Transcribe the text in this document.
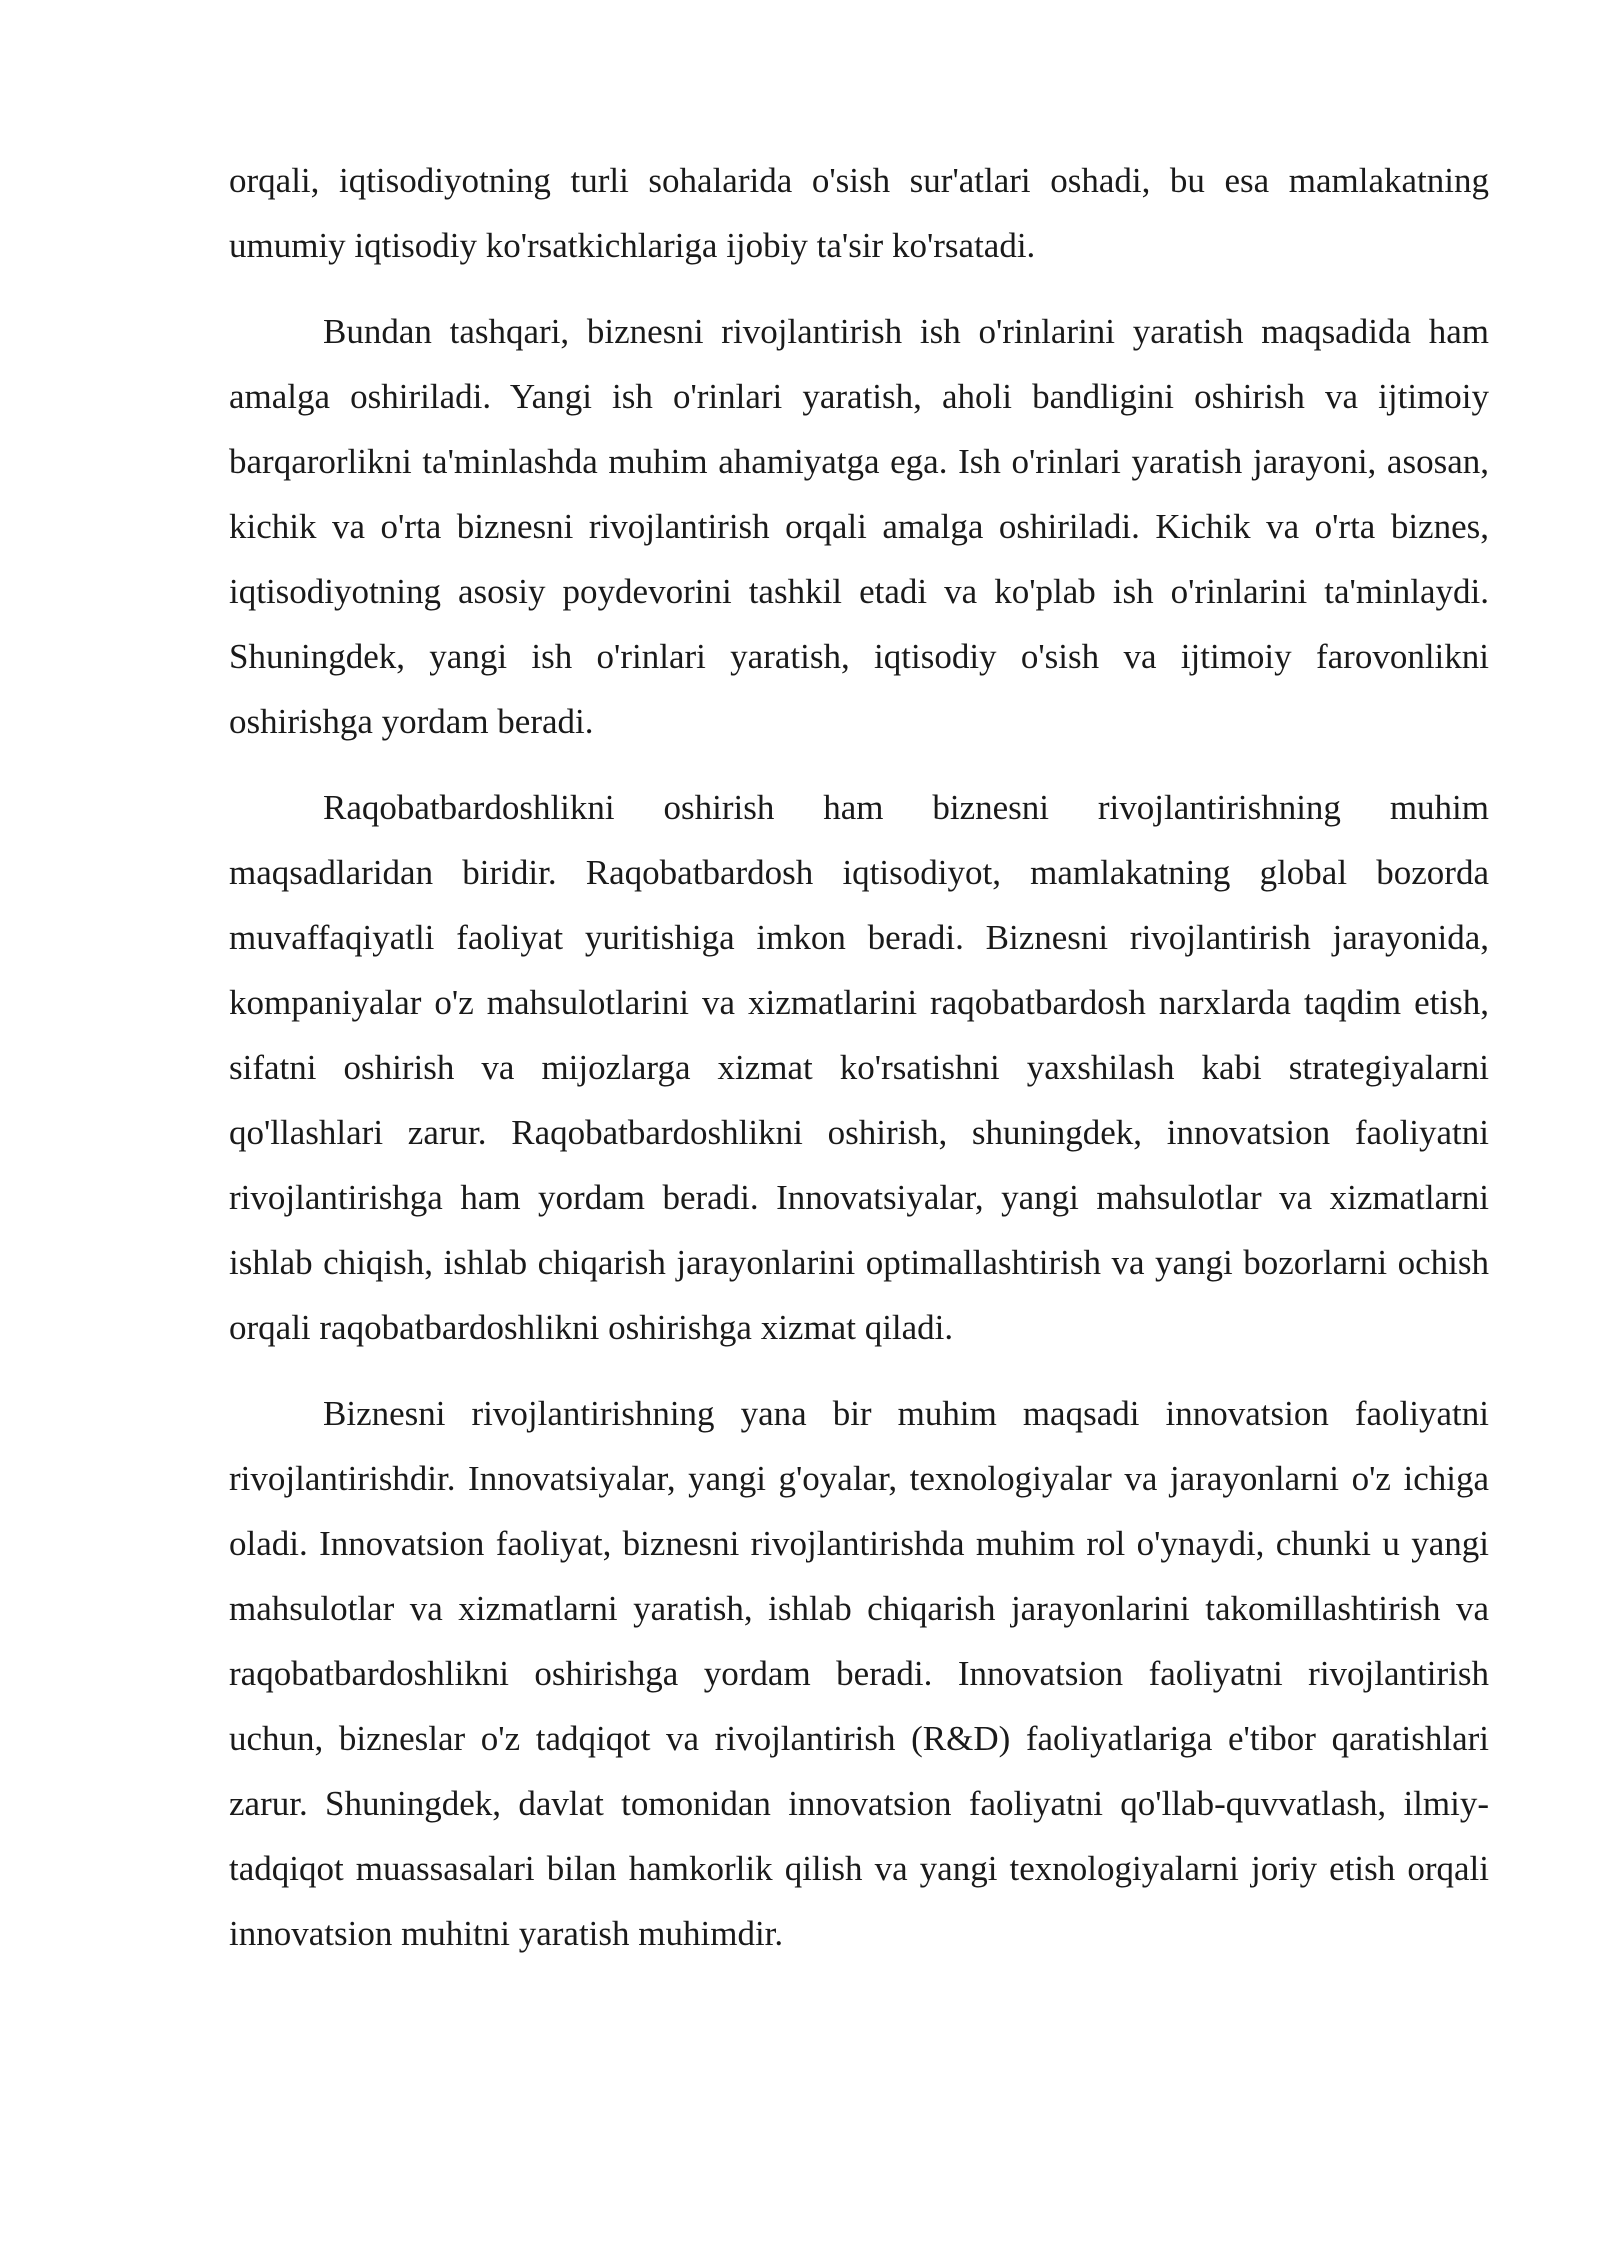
orqali, iqtisodiyotning turli sohalarida o'sish sur'atlari oshadi, bu esa mamlakatning umumiy iqtisodiy ko'rsatkichlariga ijobiy ta'sir ko'rsatadi.

Bundan tashqari, biznesni rivojlantirish ish o'rinlarini yaratish maqsadida ham amalga oshiriladi. Yangi ish o'rinlari yaratish, aholi bandligini oshirish va ijtimoiy barqarorlikni ta'minlashda muhim ahamiyatga ega. Ish o'rinlari yaratish jarayoni, asosan, kichik va o'rta biznesni rivojlantirish orqali amalga oshiriladi. Kichik va o'rta biznes, iqtisodiyotning asosiy poydevorini tashkil etadi va ko'plab ish o'rinlarini ta'minlaydi. Shuningdek, yangi ish o'rinlari yaratish, iqtisodiy o'sish va ijtimoiy farovonlikni oshirishga yordam beradi.

Raqobatbardoshlikni oshirish ham biznesni rivojlantirishning muhim maqsadlaridan biridir. Raqobatbardosh iqtisodiyot, mamlakatning global bozorda muvaffaqiyatli faoliyat yuritishiga imkon beradi. Biznesni rivojlantirish jarayonida, kompaniyalar o'z mahsulotlarini va xizmatlarini raqobatbardosh narxlarda taqdim etish, sifatni oshirish va mijozlarga xizmat ko'rsatishni yaxshilash kabi strategiyalarni qo'llashlari zarur. Raqobatbardoshlikni oshirish, shuningdek, innovatsion faoliyatni rivojlantirishga ham yordam beradi. Innovatsiyalar, yangi mahsulotlar va xizmatlarni ishlab chiqish, ishlab chiqarish jarayonlarini optimallashtirish va yangi bozorlarni ochish orqali raqobatbardoshlikni oshirishga xizmat qiladi.

Biznesni rivojlantirishning yana bir muhim maqsadi innovatsion faoliyatni rivojlantirishdir. Innovatsiyalar, yangi g'oyalar, texnologiyalar va jarayonlarni o'z ichiga oladi. Innovatsion faoliyat, biznesni rivojlantirishda muhim rol o'ynaydi, chunki u yangi mahsulotlar va xizmatlarni yaratish, ishlab chiqarish jarayonlarini takomillashtirish va raqobatbardoshlikni oshirishga yordam beradi. Innovatsion faoliyatni rivojlantirish uchun, bizneslar o'z tadqiqot va rivojlantirish (R&D) faoliyatlariga e'tibor qaratishlari zarur. Shuningdek, davlat tomonidan innovatsion faoliyatni qo'llab-quvvatlash, ilmiy-tadqiqot muassasalari bilan hamkorlik qilish va yangi texnologiyalarni joriy etish orqali innovatsion muhitni yaratish muhimdir.
